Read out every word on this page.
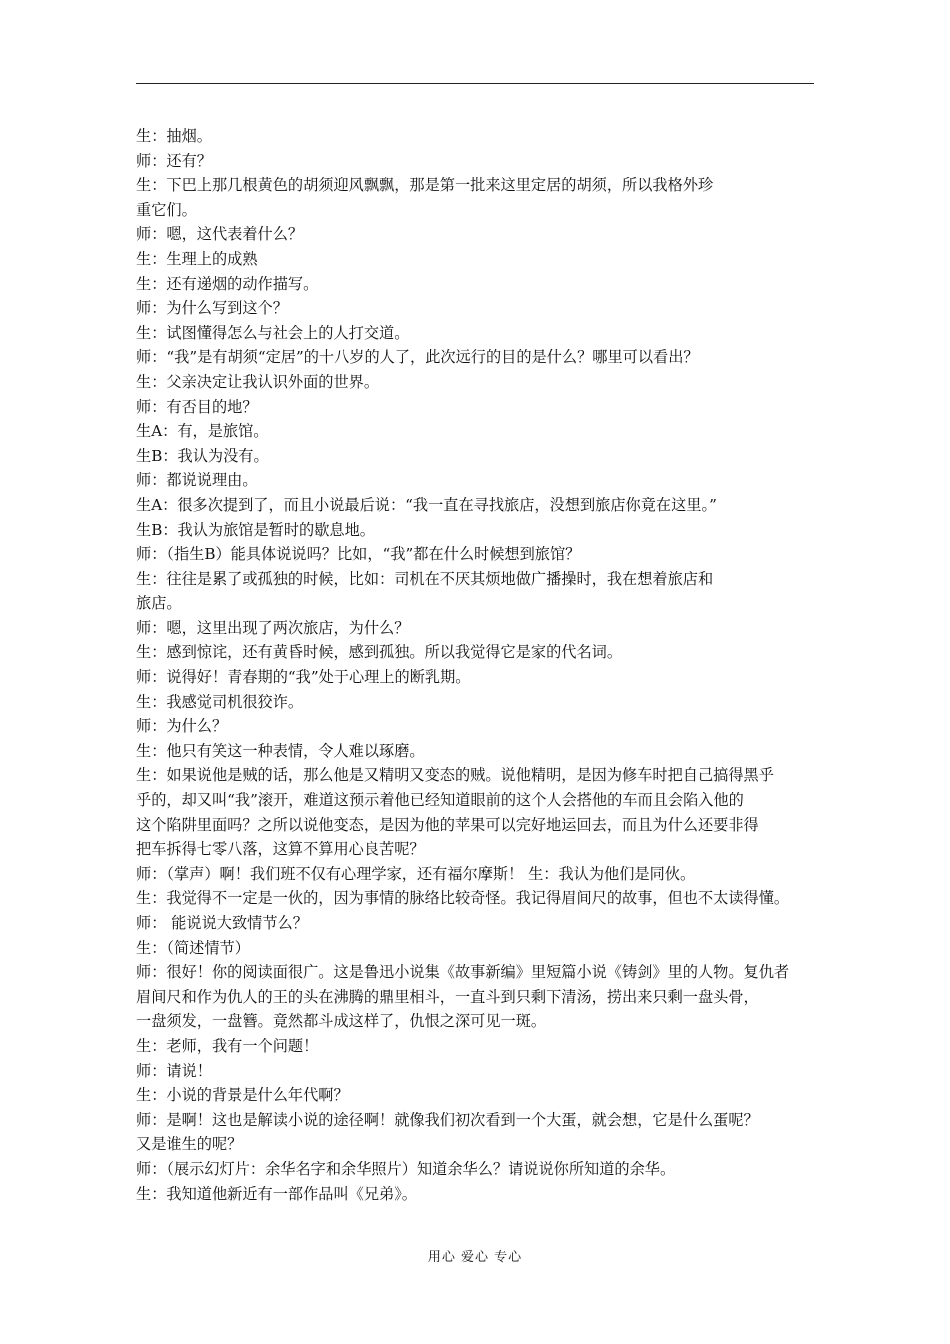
生：抽烟。
师：还有？
生：下巴上那几根黄色的胡须迎风飘飘，那是第一批来这里定居的胡须，所以我格外珍
重它们。
师：嗯，这代表着什么？
生：生理上的成熟
生：还有递烟的动作描写。
师：为什么写到这个？
生：试图懂得怎么与社会上的人打交道。
师：“我”是有胡须“定居”的十八岁的人了，此次远行的目的是什么？哪里可以看出？
生：父亲决定让我认识外面的世界。
师：有否目的地？
生A：有，是旅馆。
生B：我认为没有。
师：都说说理由。
生A：很多次提到了，而且小说最后说：“我一直在寻找旅店，没想到旅店你竟在这里。”
生B：我认为旅馆是暂时的歇息地。
师：（指生B）能具体说说吗？比如，“我”都在什么时候想到旅馆？
生：往往是累了或孤独的时候，比如：司机在不厌其烦地做广播操时，我在想着旅店和
旅店。
师：嗯，这里出现了两次旅店，为什么？
生：感到惊诧，还有黄昏时候，感到孤独。所以我觉得它是家的代名词。
师：说得好！青春期的“我”处于心理上的断乳期。
生：我感觉司机很狡诈。
师：为什么？
生：他只有笑这一种表情，令人难以琢磨。
生：如果说他是贼的话，那么他是又精明又变态的贼。说他精明，是因为修车时把自己搞得黑乎
乎的，却又叫“我”滚开，难道这预示着他已经知道眼前的这个人会搭他的车而且会陷入他的
这个陷阱里面吗？之所以说他变态，是因为他的苹果可以完好地运回去，而且为什么还要非得
把车拆得七零八落，这算不算用心良苦呢？
师：（掌声）啊！我们班不仅有心理学家，还有福尔摩斯！ 生：我认为他们是同伙。
生：我觉得不一定是一伙的，因为事情的脉络比较奇怪。我记得眉间尺的故事，但也不太读得懂。
师： 能说说大致情节么？
生：（简述情节）
师：很好！你的阅读面很广。这是鲁迅小说集《故事新编》里短篇小说《铸剑》里的人物。复仇者
眉间尺和作为仇人的王的头在沸腾的鼎里相斗，一直斗到只剩下清汤，捞出来只剩一盘头骨，
一盘须发，一盘簪。竟然都斗成这样了，仇恨之深可见一斑。
生：老师，我有一个问题！
师：请说！
生：小说的背景是什么年代啊？
师：是啊！这也是解读小说的途径啊！就像我们初次看到一个大蛋，就会想，它是什么蛋呢？
又是谁生的呢？
师：（展示幻灯片：余华名字和余华照片）知道余华么？请说说你所知道的余华。
生：我知道他新近有一部作品叫《兄弟》。
用心 爱心 专心
